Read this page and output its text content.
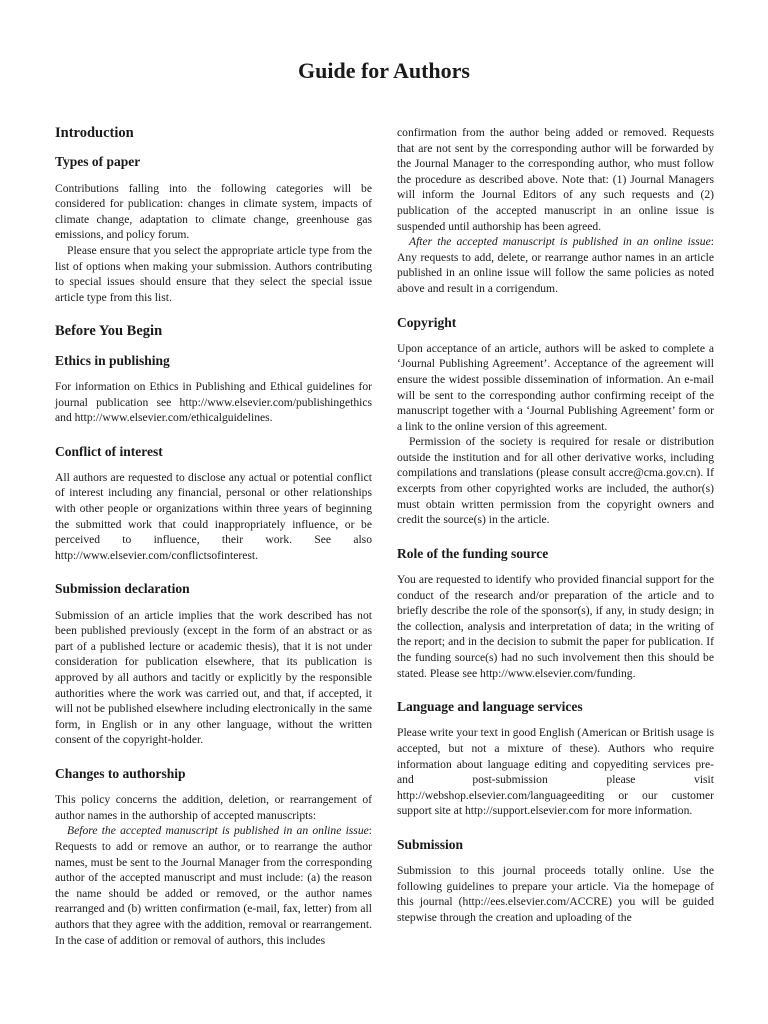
Guide for Authors
Introduction
Types of paper

Contributions falling into the following categories will be considered for publication: changes in climate system, impacts of climate change, adaptation to climate change, greenhouse gas emissions, and policy forum.

Please ensure that you select the appropriate article type from the list of options when making your submission. Authors contributing to special issues should ensure that they select the special issue article type from this list.

Before You Begin
Ethics in publishing

For information on Ethics in Publishing and Ethical guidelines for journal publication see http://www.elsevier.com/publishingethics and http://www.elsevier.com/ethicalguidelines.

Conflict of interest

All authors are requested to disclose any actual or potential conflict of interest including any financial, personal or other relationships with other people or organizations within three years of beginning the submitted work that could inappropriately influence, or be perceived to influence, their work. See also http://www.elsevier.com/conflictsofinterest.

Submission declaration

Submission of an article implies that the work described has not been published previously (except in the form of an abstract or as part of a published lecture or academic thesis), that it is not under consideration for publication elsewhere, that its publication is approved by all authors and tacitly or explicitly by the responsible authorities where the work was carried out, and that, if accepted, it will not be published elsewhere including electronically in the same form, in English or in any other language, without the written consent of the copyright-holder.

Changes to authorship

This policy concerns the addition, deletion, or rearrangement of author names in the authorship of accepted manuscripts:

Before the accepted manuscript is published in an online issue: Requests to add or remove an author, or to rearrange the author names, must be sent to the Journal Manager from the corresponding author of the accepted manuscript and must include: (a) the reason the name should be added or removed, or the author names rearranged and (b) written confirmation (e-mail, fax, letter) from all authors that they agree with the addition, removal or rearrangement. In the case of addition or removal of authors, this includes

confirmation from the author being added or removed. Requests that are not sent by the corresponding author will be forwarded by the Journal Manager to the corresponding author, who must follow the procedure as described above. Note that: (1) Journal Managers will inform the Journal Editors of any such requests and (2) publication of the accepted manuscript in an online issue is suspended until authorship has been agreed.

After the accepted manuscript is published in an online issue: Any requests to add, delete, or rearrange author names in an article published in an online issue will follow the same policies as noted above and result in a corrigendum.

Copyright

Upon acceptance of an article, authors will be asked to complete a ‘Journal Publishing Agreement’. Acceptance of the agreement will ensure the widest possible dissemination of information. An e-mail will be sent to the corresponding author confirming receipt of the manuscript together with a ‘Journal Publishing Agreement’ form or a link to the online version of this agreement.

Permission of the society is required for resale or distribution outside the institution and for all other derivative works, including compilations and translations (please consult accre@cma.gov.cn). If excerpts from other copyrighted works are included, the author(s) must obtain written permission from the copyright owners and credit the source(s) in the article.

Role of the funding source

You are requested to identify who provided financial support for the conduct of the research and/or preparation of the article and to briefly describe the role of the sponsor(s), if any, in study design; in the collection, analysis and interpretation of data; in the writing of the report; and in the decision to submit the paper for publication. If the funding source(s) had no such involvement then this should be stated. Please see http://www.elsevier.com/funding.

Language and language services

Please write your text in good English (American or British usage is accepted, but not a mixture of these). Authors who require information about language editing and copyediting services pre- and post-submission please visit http://webshop.elsevier.com/languageediting or our customer support site at http://support.elsevier.com for more information.

Submission

Submission to this journal proceeds totally online. Use the following guidelines to prepare your article. Via the homepage of this journal (http://ees.elsevier.com/ACCRE) you will be guided stepwise through the creation and uploading of the
